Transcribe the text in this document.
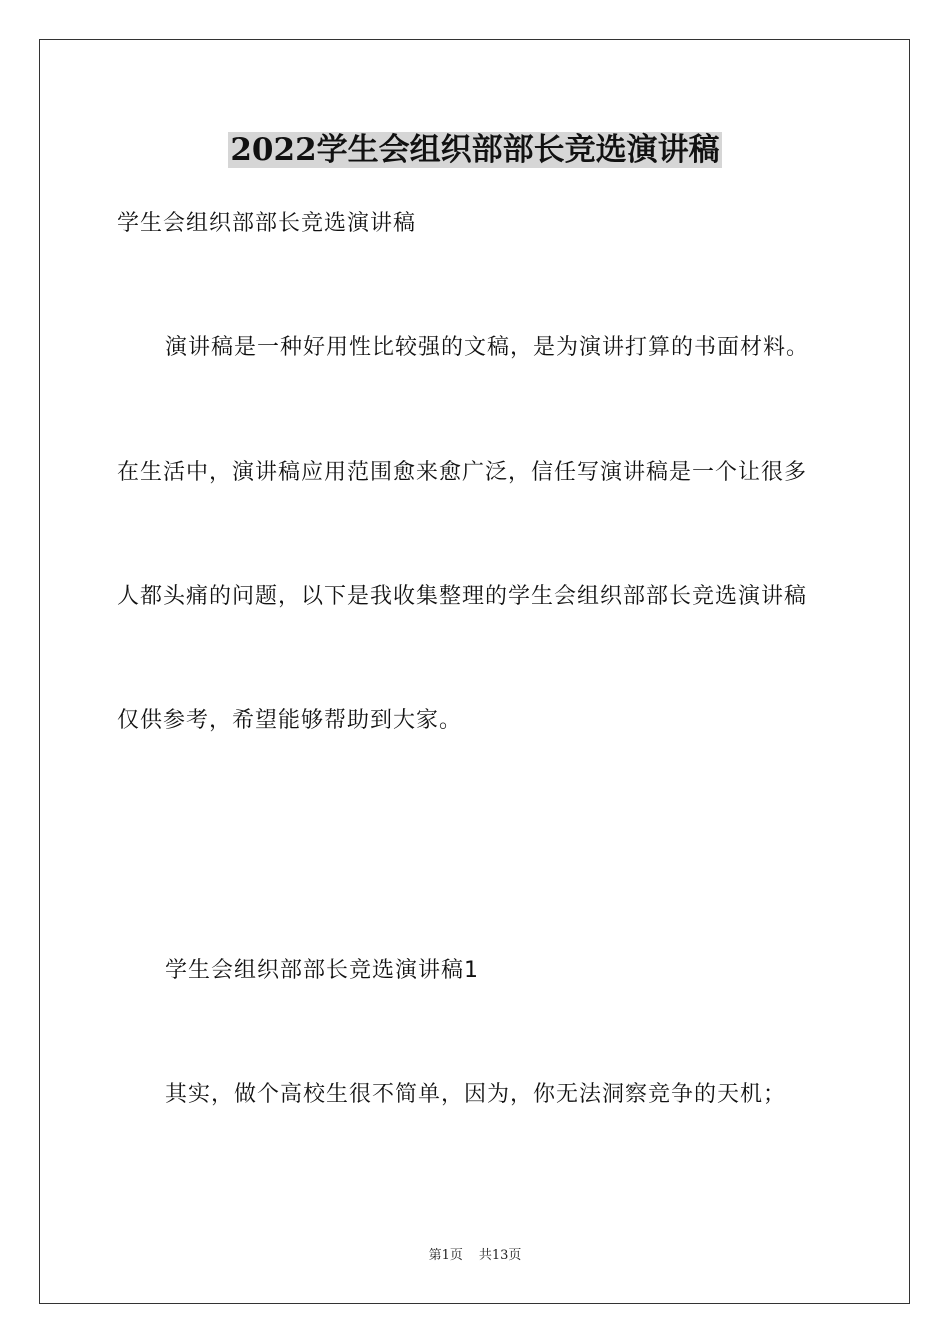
2022学生会组织部部长竞选演讲稿
学生会组织部部长竞选演讲稿
演讲稿是一种好用性比较强的文稿，是为演讲打算的书面材料。
在生活中，演讲稿应用范围愈来愈广泛，信任写演讲稿是一个让很多
人都头痛的问题，以下是我收集整理的学生会组织部部长竞选演讲稿
仅供参考，希望能够帮助到大家。
学生会组织部部长竞选演讲稿1
其实，做个高校生很不简单，因为，你无法洞察竞争的天机；
第1页 共13页
